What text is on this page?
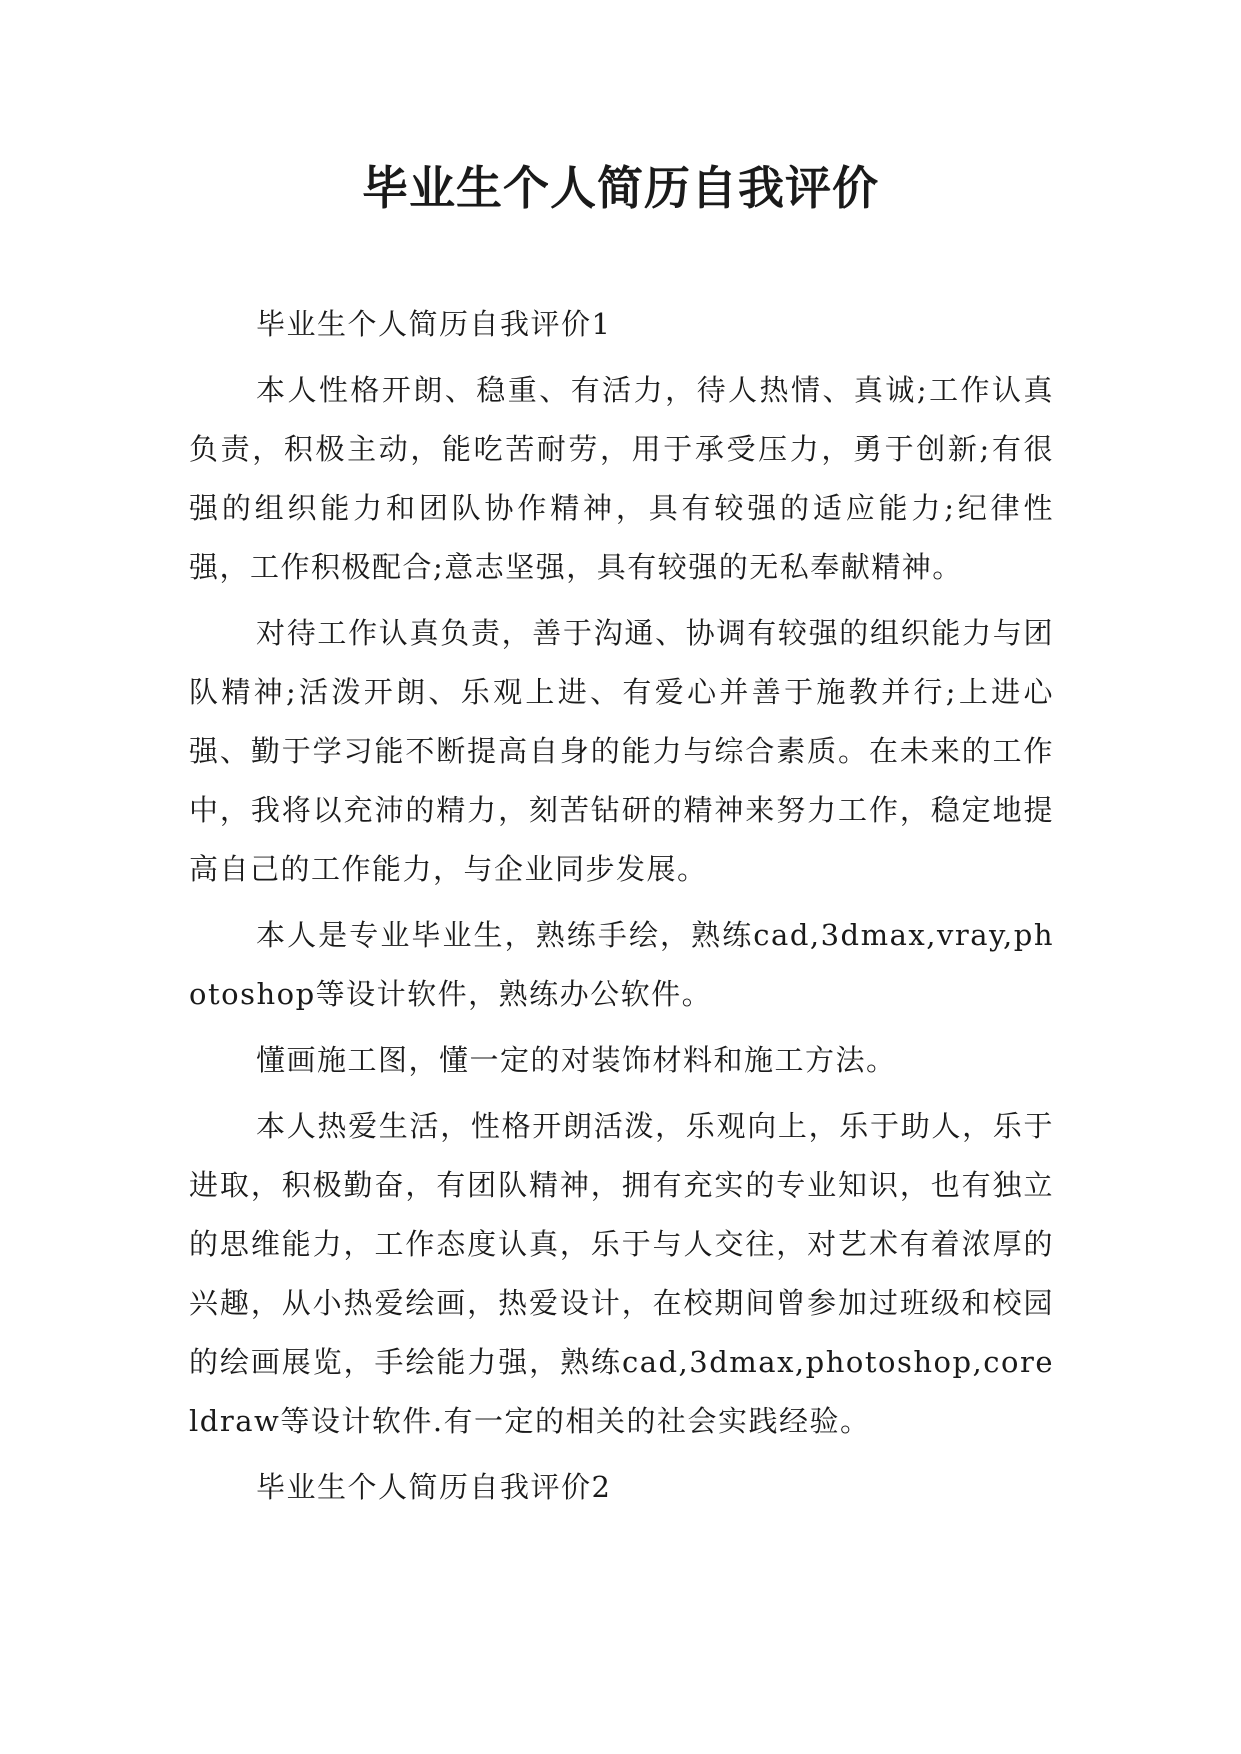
毕业生个人简历自我评价

毕业生个人简历自我评价1

本人性格开朗、稳重、有活力，待人热情、真诚;工作认真负责，积极主动，能吃苦耐劳，用于承受压力，勇于创新;有很强的组织能力和团队协作精神，具有较强的适应能力;纪律性强，工作积极配合;意志坚强，具有较强的无私奉献精神。

对待工作认真负责，善于沟通、协调有较强的组织能力与团队精神;活泼开朗、乐观上进、有爱心并善于施教并行;上进心强、勤于学习能不断提高自身的能力与综合素质。在未来的工作中，我将以充沛的精力，刻苦钻研的精神来努力工作，稳定地提高自己的工作能力，与企业同步发展。

本人是专业毕业生，熟练手绘，熟练cad,3dmax,vray,photoshop等设计软件，熟练办公软件。

懂画施工图，懂一定的对装饰材料和施工方法。

本人热爱生活，性格开朗活泼，乐观向上，乐于助人，乐于进取，积极勤奋，有团队精神，拥有充实的专业知识，也有独立的思维能力，工作态度认真，乐于与人交往，对艺术有着浓厚的兴趣，从小热爱绘画，热爱设计，在校期间曾参加过班级和校园的绘画展览，手绘能力强，熟练cad,3dmax,photoshop,coreldraw等设计软件.有一定的相关的社会实践经验。

毕业生个人简历自我评价2
